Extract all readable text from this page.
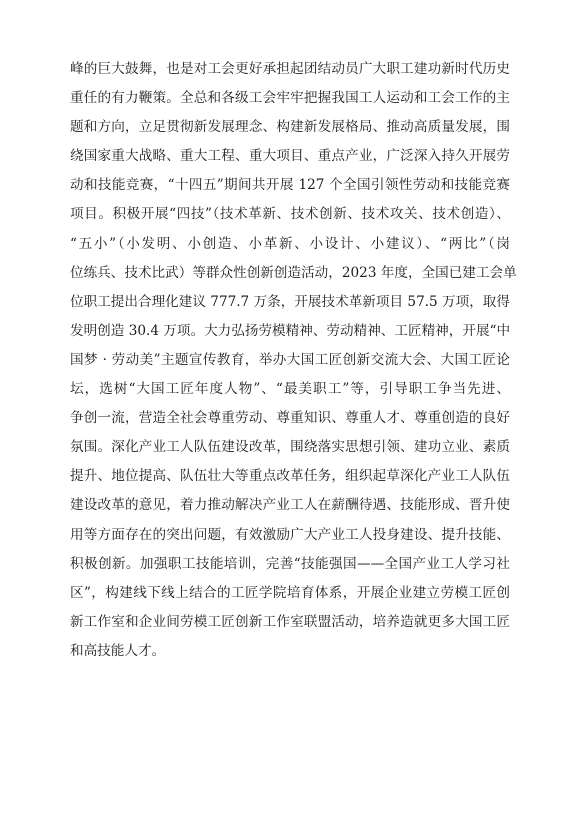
峰的巨大鼓舞，也是对工会更好承担起团结动员广大职工建功新时代历史
重任的有力鞭策。全总和各级工会牢牢把握我国工人运动和工会工作的主
题和方向，立足贯彻新发展理念、构建新发展格局、推动高质量发展，围
绕国家重大战略、重大工程、重大项目、重点产业，广泛深入持久开展劳
动和技能竞赛，“十四五”期间共开展 127 个全国引领性劳动和技能竞赛
项目。积极开展“四技”（技术革新、技术创新、技术攻关、技术创造）、
“五小”（小发明、小创造、小革新、小设计、小建议）、“两比”（岗
位练兵、技术比武）等群众性创新创造活动，2023 年度，全国已建工会单
位职工提出合理化建议 777.7 万条，开展技术革新项目 57.5 万项，取得
发明创造 30.4 万项。大力弘扬劳模精神、劳动精神、工匠精神，开展“中
国梦 · 劳动美”主题宣传教育，举办大国工匠创新交流大会、大国工匠论
坛，选树“大国工匠年度人物”、“最美职工”等，引导职工争当先进、
争创一流，营造全社会尊重劳动、尊重知识、尊重人才、尊重创造的良好
氛围。深化产业工人队伍建设改革，围绕落实思想引领、建功立业、素质
提升、地位提高、队伍壮大等重点改革任务，组织起草深化产业工人队伍
建设改革的意见，着力推动解决产业工人在薪酬待遇、技能形成、晋升使
用等方面存在的突出问题，有效激励广大产业工人投身建设、提升技能、
积极创新。加强职工技能培训，完善“技能强国——全国产业工人学习社
区”，构建线下线上结合的工匠学院培育体系，开展企业建立劳模工匠创
新工作室和企业间劳模工匠创新工作室联盟活动，培养造就更多大国工匠
和高技能人才。
